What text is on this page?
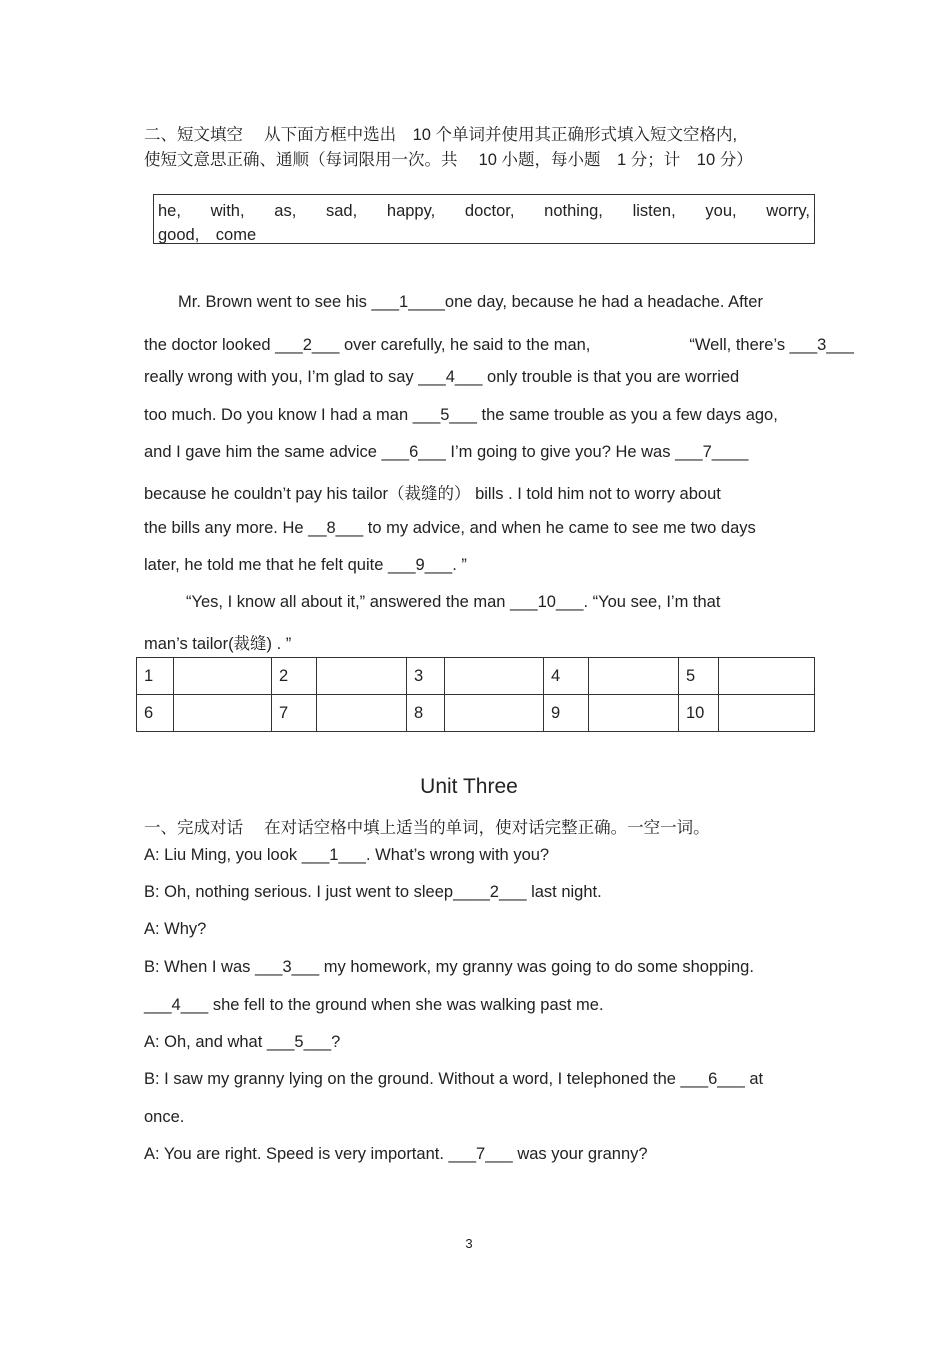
二、短文填空　 从下面方框中选出　10 个单词并使用其正确形式填入短文空格内,
使短文意思正确、通顺（每词限用一次。共　 10 小题，每小题　1 分；计　10 分）
he, with, as, sad, happy, doctor, nothing, listen, you, worry,
good,　come
Mr. Brown went to see his ___1____one day, because he had a headache. After
the doctor looked ___2___ over carefully, he said to the man,　　　　　　“Well, there’s ___3___
really wrong with you, I’m glad to say ___4___ only trouble is that you are worried
too much. Do you know I had a man ___5___ the same trouble as you a few days ago,
and I gave him the same advice ___6___ I’m going to give you? He was ___7____
because he couldn’t pay his tailor（裁缝的） bills . I told him not to worry about
the bills any more. He __8___ to my advice, and when he came to see me two days
later, he told me that he felt quite ___9___. ”
“Yes, I know all about it,” answered the man ___10___. “You see, I’m that
man’s tailor(裁缝) . ”
1		2		3		4		5	
6		7		8		9		10	
Unit Three
一、完成对话　 在对话空格中填上适当的单词，使对话完整正确。一空一词。
A: Liu Ming, you look ___1___. What’s wrong with you?
B: Oh, nothing serious. I just went to sleep____2___ last night.
A: Why?
B: When I was ___3___ my homework, my granny was going to do some shopping.
___4___ she fell to the ground when she was walking past me.
A: Oh, and what ___5___?
B: I saw my granny lying on the ground. Without a word, I telephoned the ___6___ at
once.
A: You are right. Speed is very important. ___7___ was your granny?
3
